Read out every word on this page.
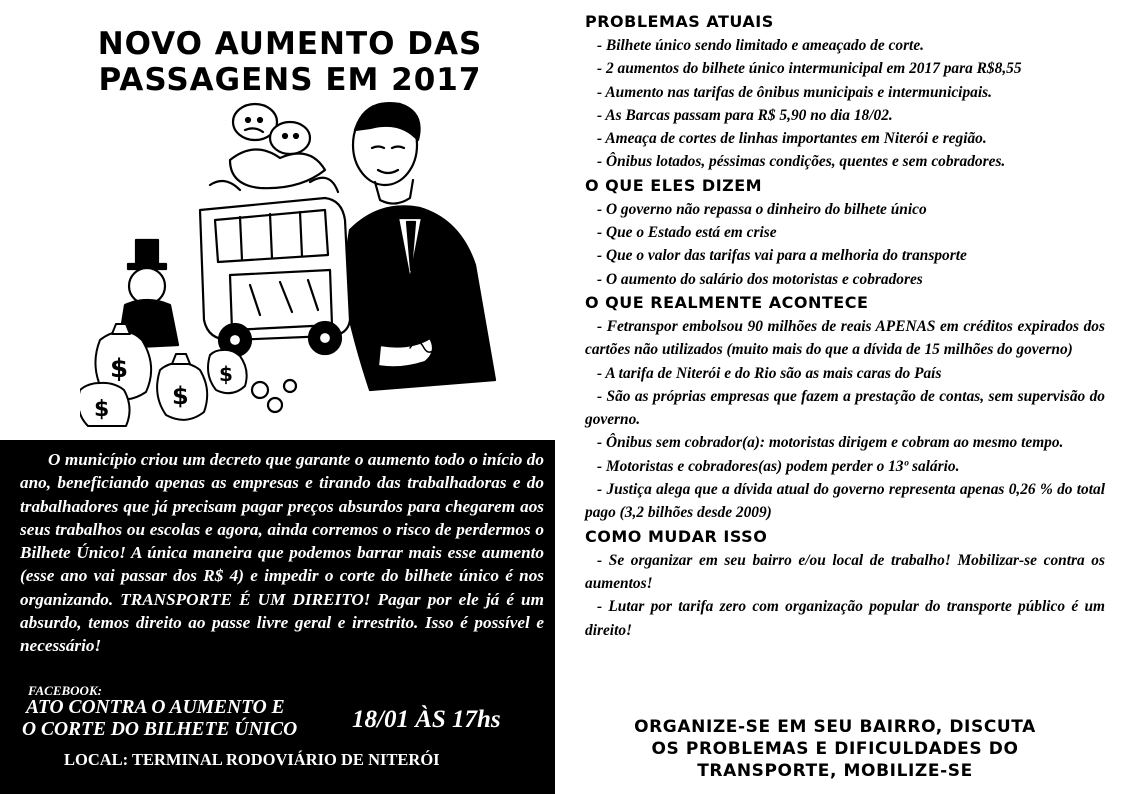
NOVO AUMENTO DAS
PASSAGENS EM 2017
$
$
$
$
$

O município criou um decreto que garante o aumento todo o início do ano, beneficiando apenas as empresas e tirando das trabalhadoras e do trabalhadores que já precisam pagar preços absurdos para chegarem aos seus trabalhos ou escolas e agora, ainda corremos o risco de perdermos o Bilhete Único! A única maneira que podemos barrar mais esse aumento (esse ano vai passar dos R$ 4) e impedir o corte do bilhete único é nos organizando. TRANSPORTE É UM DIREITO! Pagar por ele já é um absurdo, temos direito ao passe livre geral e irrestrito. Isso é possível e necessário!

FACEBOOK:
ATO CONTRA O AUMENTO E
O CORTE DO BILHETE ÚNICO 18/01 ÀS 17hs
LOCAL: TERMINAL RODOVIÁRIO DE NITERÓI
PROBLEMAS ATUAIS
- Bilhete único sendo limitado e ameaçado de corte.
- 2 aumentos do bilhete único intermunicipal em 2017 para R$8,55
- Aumento nas tarifas de ônibus municipais e intermunicipais.
- As Barcas passam para R$ 5,90 no dia 18/02.
- Ameaça de cortes de linhas importantes em Niterói e região.
- Ônibus lotados, péssimas condições, quentes e sem cobradores.
O QUE ELES DIZEM
- O governo não repassa o dinheiro do bilhete único
- Que o Estado está em crise
- Que o valor das tarifas vai para a melhoria do transporte
- O aumento do salário dos motoristas e cobradores
O QUE REALMENTE ACONTECE
- Fetranspor embolsou 90 milhões de reais APENAS em créditos expirados dos cartões não utilizados (muito mais do que a dívida de 15 milhões do governo)
- A tarifa de Niterói e do Rio são as mais caras do País
- São as próprias empresas que fazem a prestação de contas, sem supervisão do governo.
- Ônibus sem cobrador(a): motoristas dirigem e cobram ao mesmo tempo.
- Motoristas e cobradores(as) podem perder o 13º salário.
- Justiça alega que a dívida atual do governo representa apenas 0,26 % do total pago (3,2 bilhões desde 2009)
COMO MUDAR ISSO
- Se organizar em seu bairro e/ou local de trabalho! Mobilizar-se contra os aumentos!
- Lutar por tarifa zero com organização popular do transporte público é um direito!
ORGANIZE-SE EM SEU BAIRRO, DISCUTA
OS PROBLEMAS E DIFICULDADES DO
TRANSPORTE, MOBILIZE-SE
